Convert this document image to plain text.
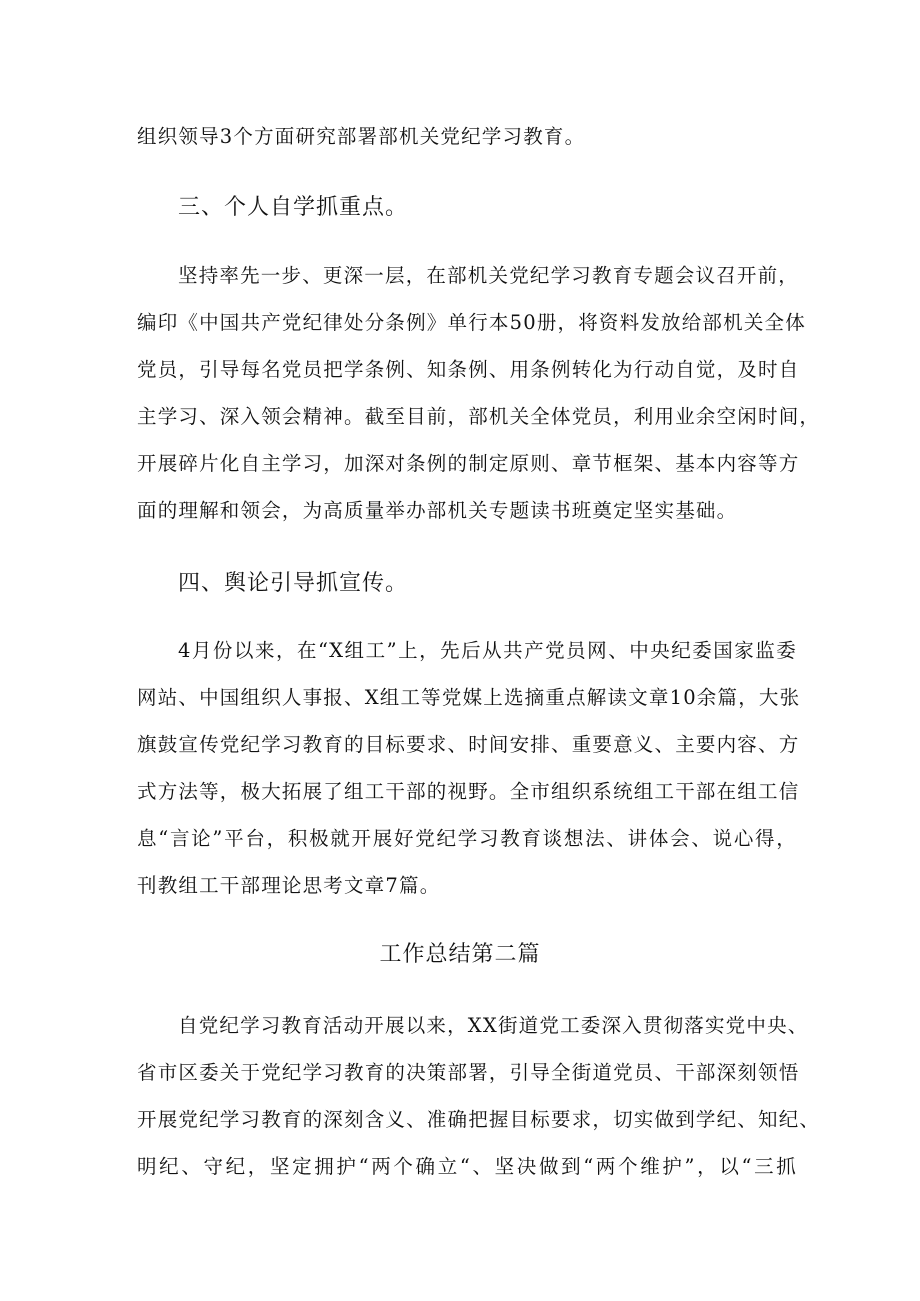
组织领导3个方面研究部署部机关党纪学习教育。
三、个人自学抓重点。
坚持率先一步、更深一层，在部机关党纪学习教育专题会议召开前，
编印《中国共产党纪律处分条例》单行本50册，将资料发放给部机关全体
党员，引导每名党员把学条例、知条例、用条例转化为行动自觉，及时自
主学习、深入领会精神。截至目前，部机关全体党员，利用业余空闲时间，
开展碎片化自主学习，加深对条例的制定原则、章节框架、基本内容等方
面的理解和领会，为高质量举办部机关专题读书班奠定坚实基础。
四、舆论引导抓宣传。
4月份以来，在“X组工”上，先后从共产党员网、中央纪委国家监委
网站、中国组织人事报、X组工等党媒上选摘重点解读文章10余篇，大张
旗鼓宣传党纪学习教育的目标要求、时间安排、重要意义、主要内容、方
式方法等，极大拓展了组工干部的视野。全市组织系统组工干部在组工信
息“言论”平台，积极就开展好党纪学习教育谈想法、讲体会、说心得，
刊教组工干部理论思考文章7篇。
工作总结第二篇
自党纪学习教育活动开展以来，XX街道党工委深入贯彻落实党中央、
省市区委关于党纪学习教育的决策部署，引导全街道党员、干部深刻领悟
开展党纪学习教育的深刻含义、准确把握目标要求，切实做到学纪、知纪、
明纪、守纪，坚定拥护“两个确立“、坚决做到“两个维护”，以“三抓
